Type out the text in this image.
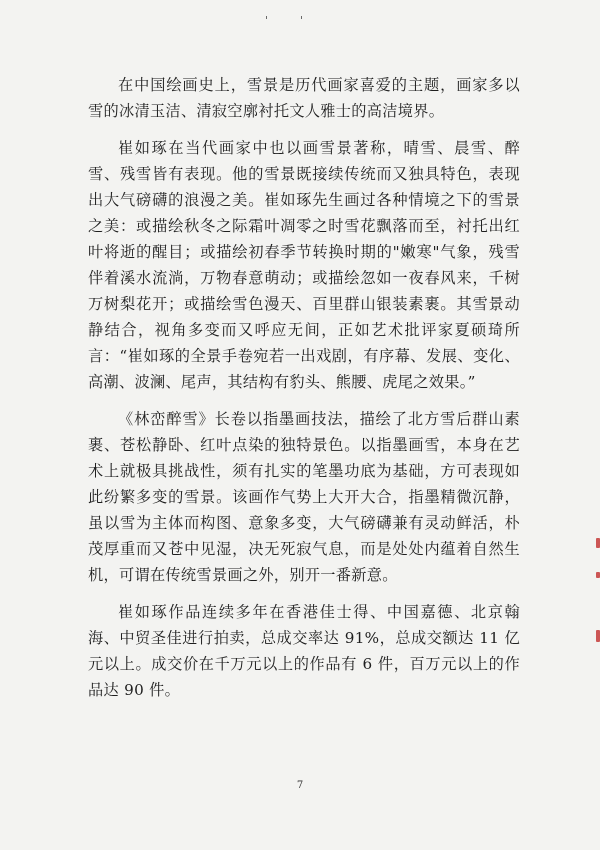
'	'

在中国绘画史上，雪景是历代画家喜爱的主题，画家多以雪的冰清玉洁、清寂空廓衬托文人雅士的高洁境界。

崔如琢在当代画家中也以画雪景著称，晴雪、晨雪、醉雪、残雪皆有表现。他的雪景既接续传统而又独具特色，表现出大气磅礴的浪漫之美。崔如琢先生画过各种情境之下的雪景之美：或描绘秋冬之际霜叶凋零之时雪花飘落而至，衬托出红叶将逝的醒目；或描绘初春季节转换时期的"嫩寒"气象，残雪伴着溪水流淌，万物春意萌动；或描绘忽如一夜春风来，千树万树梨花开；或描绘雪色漫天、百里群山银装素裹。其雪景动静结合，视角多变而又呼应无间，正如艺术批评家夏硕琦所言：“崔如琢的全景手卷宛若一出戏剧，有序幕、发展、变化、高潮、波澜、尾声，其结构有豹头、熊腰、虎尾之效果。”

《林峦醉雪》长卷以指墨画技法，描绘了北方雪后群山素裹、苍松静卧、红叶点染的独特景色。以指墨画雪，本身在艺术上就极具挑战性，须有扎实的笔墨功底为基础，方可表现如此纷繁多变的雪景。该画作气势上大开大合，指墨精微沉静，虽以雪为主体而构图、意象多变，大气磅礴兼有灵动鲜活，朴茂厚重而又苍中见湿，决无死寂气息，而是处处内蕴着自然生机，可谓在传统雪景画之外，别开一番新意。

崔如琢作品连续多年在香港佳士得、中国嘉德、北京翰海、中贸圣佳进行拍卖，总成交率达 91%，总成交额达 11 亿元以上。成交价在千万元以上的作品有 6 件，百万元以上的作品达 90 件。

7
